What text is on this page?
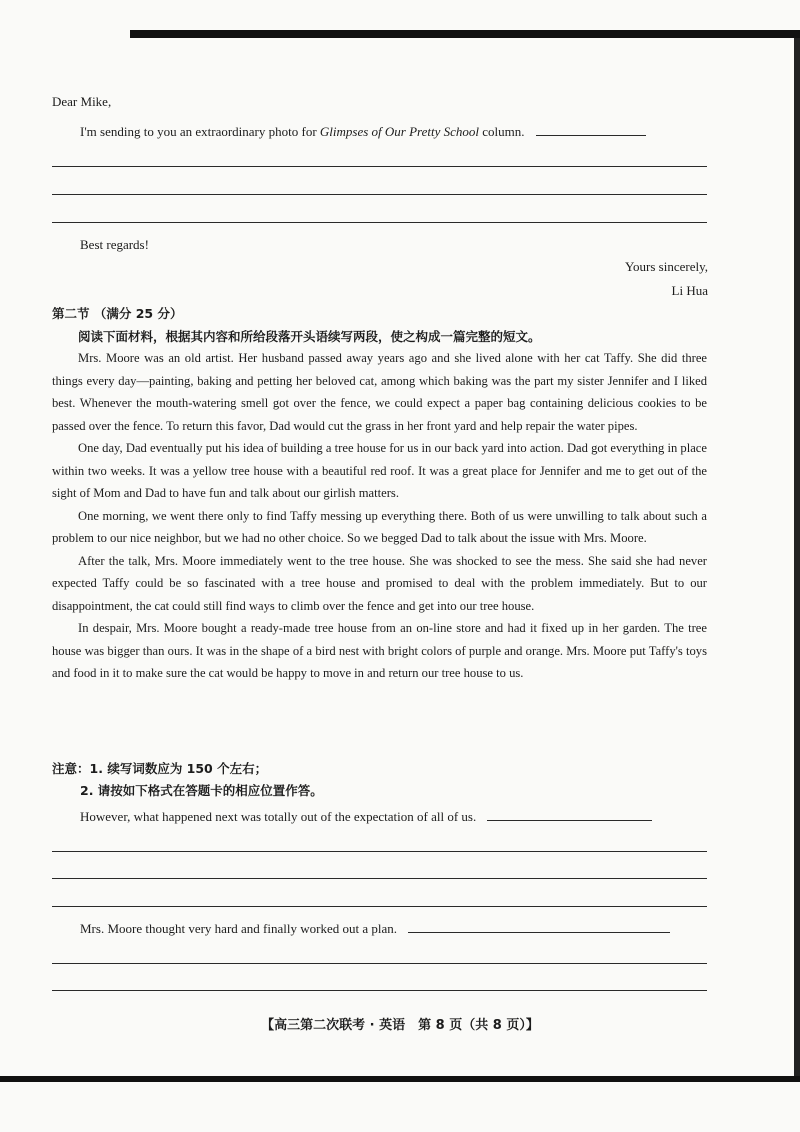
Dear Mike,
I'm sending to you an extraordinary photo for Glimpses of Our Pretty School column.
Best regards!
Yours sincerely,
Li Hua
第二节 （满分 25 分）
阅读下面材料，根据其内容和所给段落开头语续写两段，使之构成一篇完整的短文。

Mrs. Moore was an old artist. Her husband passed away years ago and she lived alone with her cat Taffy. She did three things every day—painting, baking and petting her beloved cat, among which baking was the part my sister Jennifer and I liked best. Whenever the mouth-watering smell got over the fence, we could expect a paper bag containing delicious cookies to be passed over the fence. To return this favor, Dad would cut the grass in her front yard and help repair the water pipes.

One day, Dad eventually put his idea of building a tree house for us in our back yard into action. Dad got everything in place within two weeks. It was a yellow tree house with a beautiful red roof. It was a great place for Jennifer and me to get out of the sight of Mom and Dad to have fun and talk about our girlish matters.

One morning, we went there only to find Taffy messing up everything there. Both of us were unwilling to talk about such a problem to our nice neighbor, but we had no other choice. So we begged Dad to talk about the issue with Mrs. Moore.

After the talk, Mrs. Moore immediately went to the tree house. She was shocked to see the mess. She said she had never expected Taffy could be so fascinated with a tree house and promised to deal with the problem immediately. But to our disappointment, the cat could still find ways to climb over the fence and get into our tree house.

In despair, Mrs. Moore bought a ready-made tree house from an on-line store and had it fixed up in her garden. The tree house was bigger than ours. It was in the shape of a bird nest with bright colors of purple and orange. Mrs. Moore put Taffy's toys and food in it to make sure the cat would be happy to move in and return our tree house to us.

注意：1. 续写词数应为 150 个左右；
2. 请按如下格式在答题卡的相应位置作答。
However, what happened next was totally out of the expectation of all of us.
Mrs. Moore thought very hard and finally worked out a plan.
【高三第二次联考 · 英语　第 8 页（共 8 页）】
